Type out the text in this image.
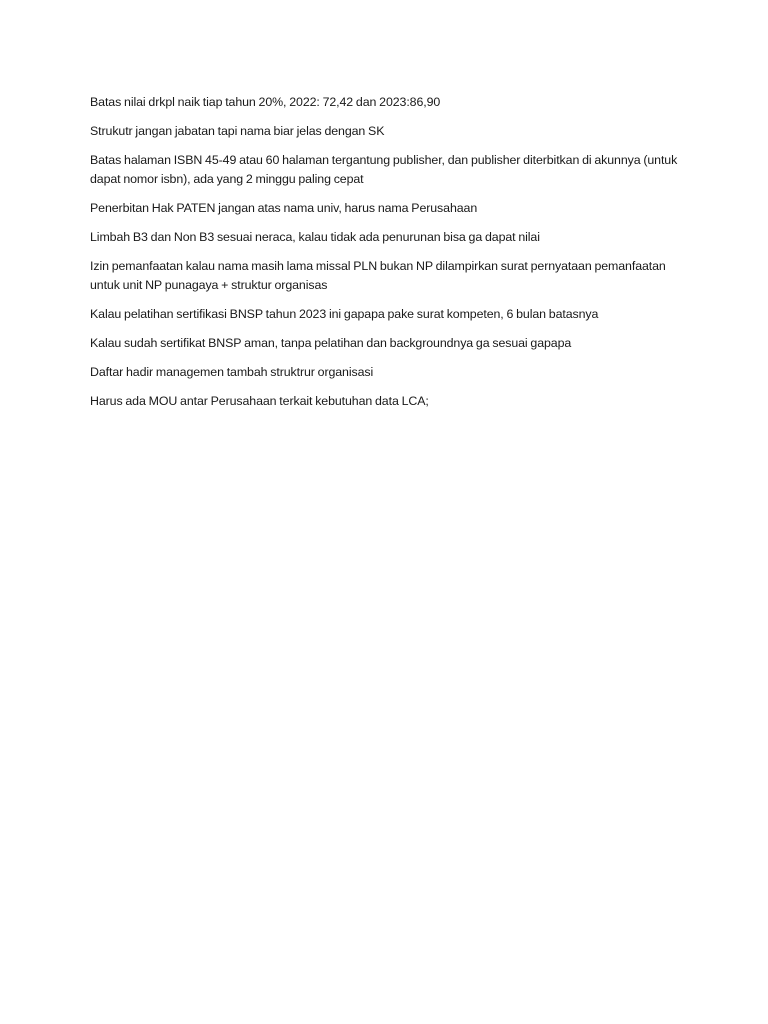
Batas nilai drkpl naik tiap tahun 20%, 2022: 72,42 dan 2023:86,90

Strukutr jangan jabatan tapi nama biar jelas dengan SK

Batas halaman ISBN 45-49 atau 60 halaman tergantung publisher, dan publisher diterbitkan di akunnya (untuk dapat nomor isbn), ada yang 2 minggu paling cepat

Penerbitan Hak PATEN jangan atas nama univ, harus nama Perusahaan

Limbah B3 dan Non B3 sesuai neraca, kalau tidak ada penurunan bisa ga dapat nilai

Izin pemanfaatan kalau nama masih lama missal PLN bukan NP dilampirkan surat pernyataan pemanfaatan untuk unit NP punagaya + struktur organisas

Kalau pelatihan sertifikasi BNSP tahun 2023 ini gapapa pake surat kompeten, 6 bulan batasnya

Kalau sudah sertifikat BNSP aman, tanpa pelatihan dan backgroundnya ga sesuai gapapa

Daftar hadir managemen tambah struktrur organisasi

Harus ada MOU antar Perusahaan terkait kebutuhan data LCA;
